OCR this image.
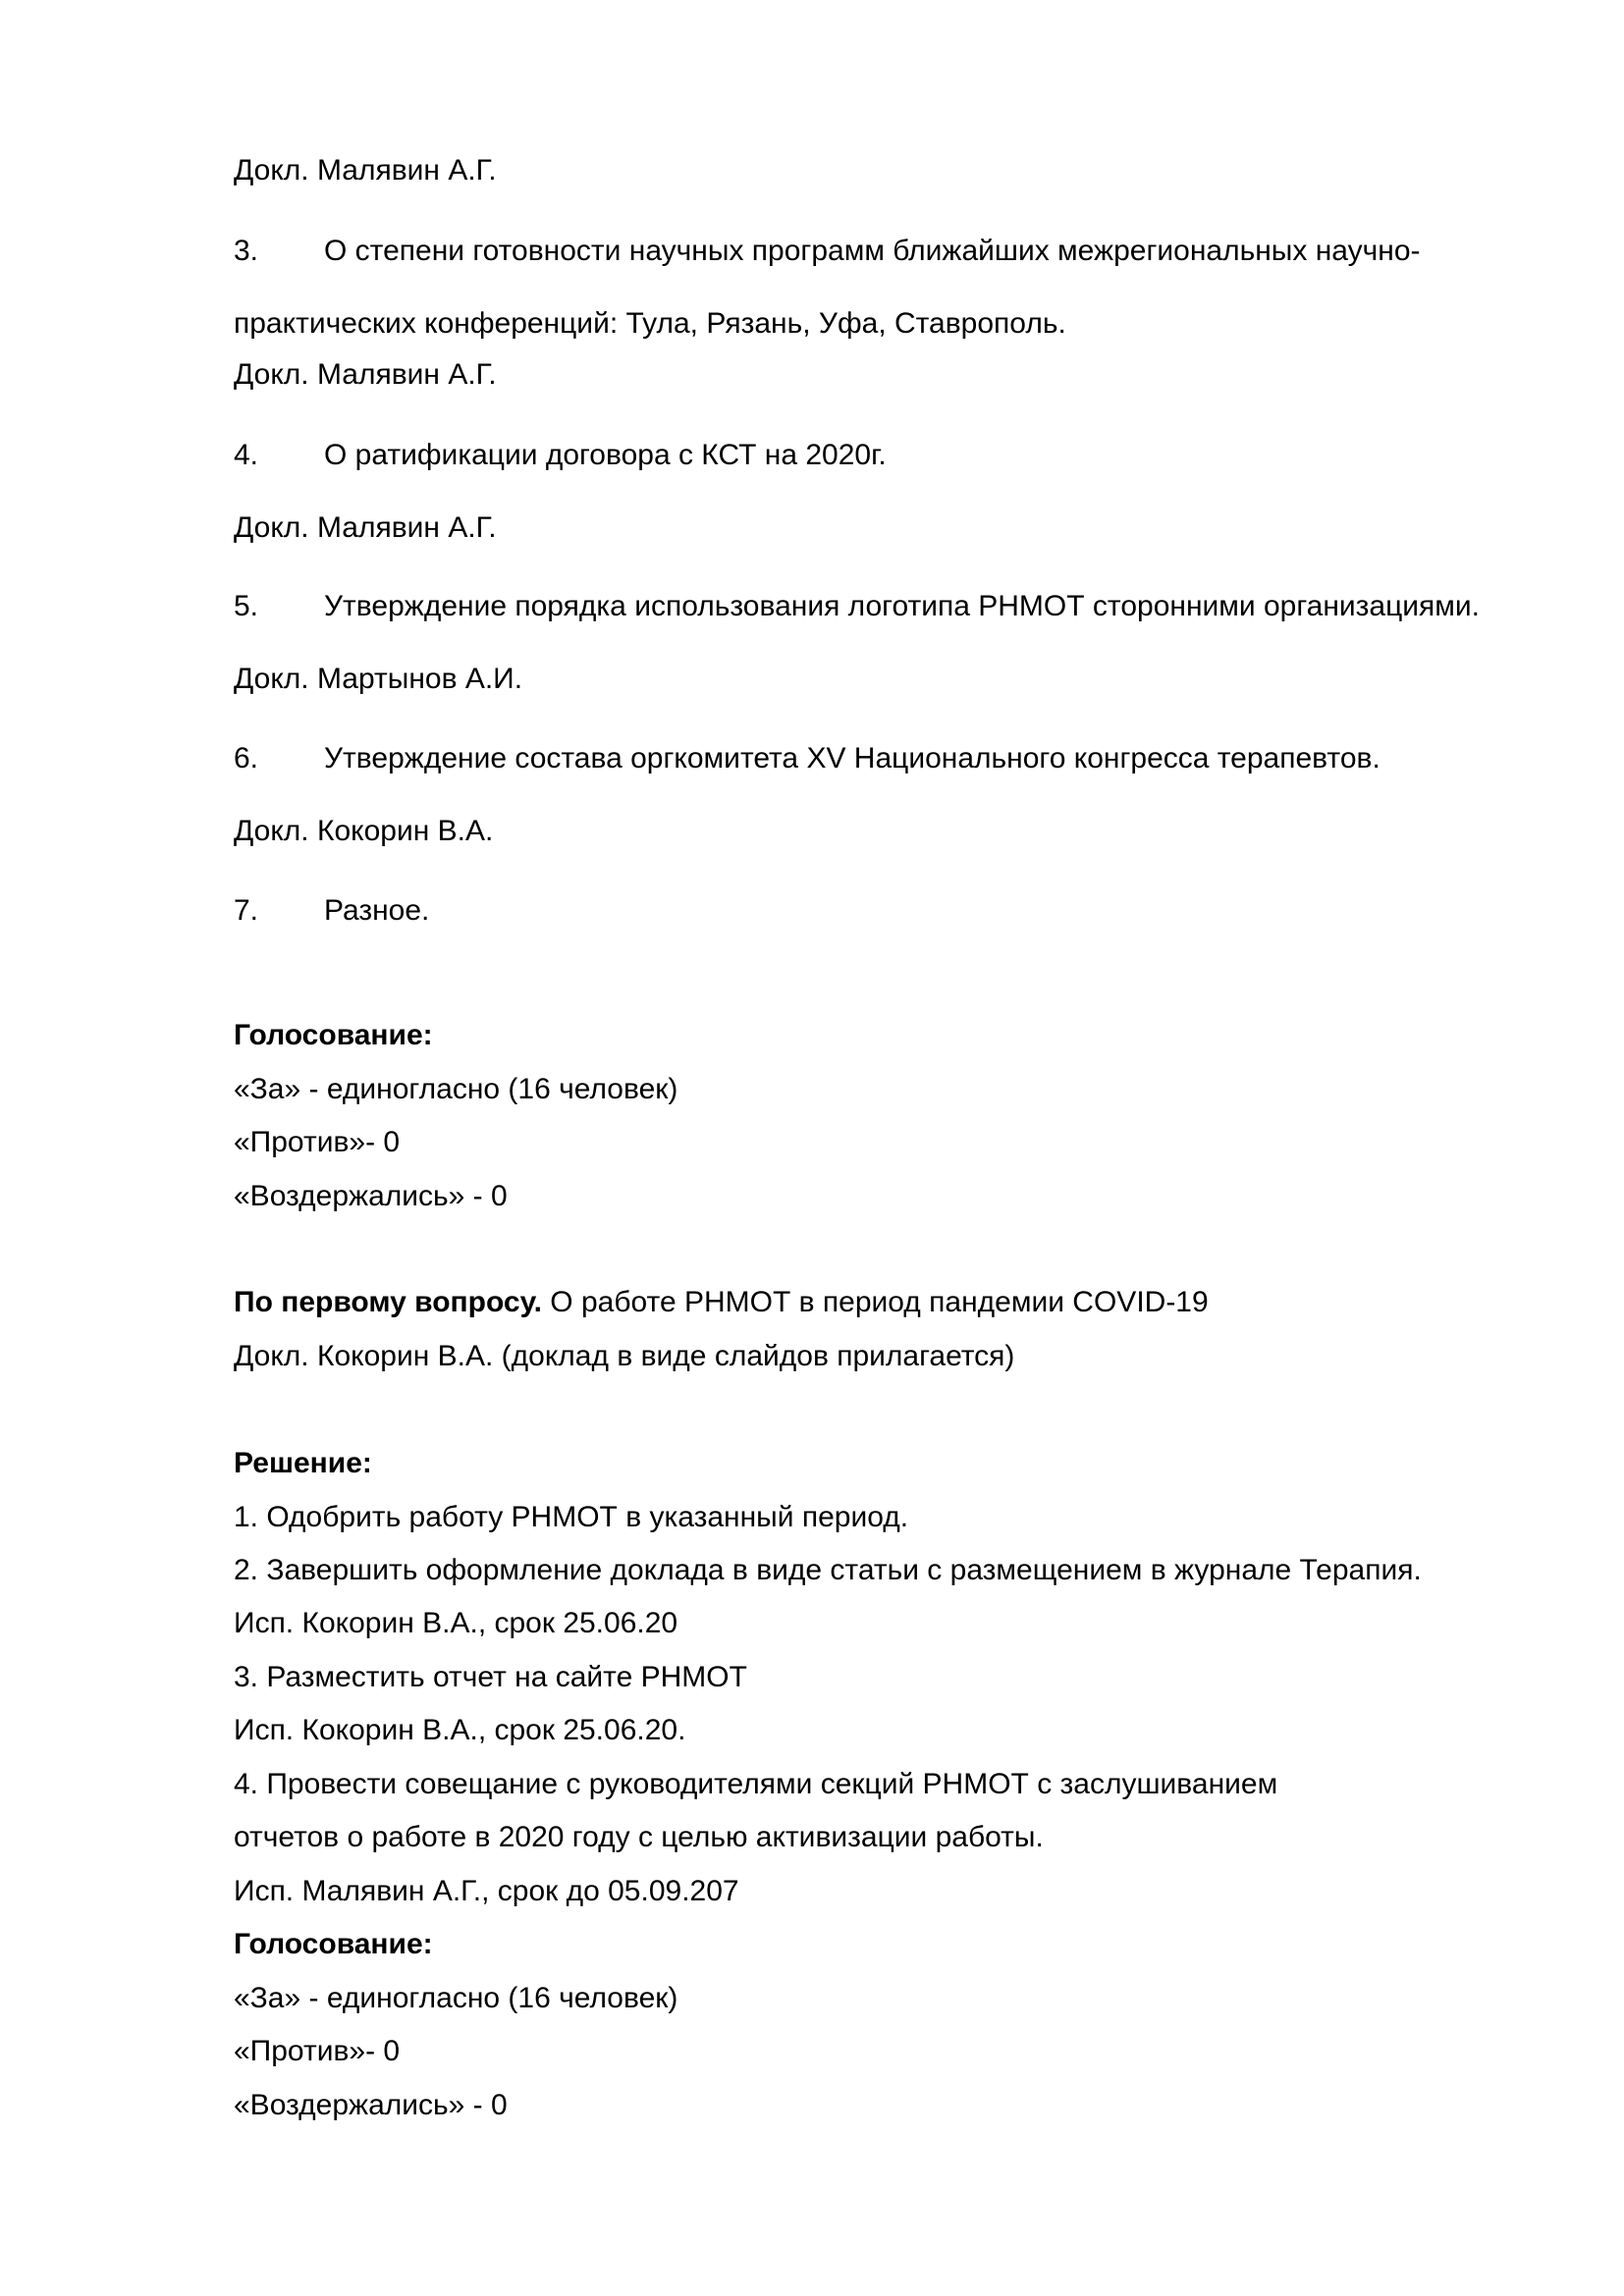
Докл. Малявин А.Г.
3. О степени готовности научных программ ближайших межрегиональных научно-
практических конференций: Тула, Рязань, Уфа, Ставрополь.
Докл. Малявин А.Г.
4. О ратификации договора с КСТ на 2020г.
Докл. Малявин А.Г.
5. Утверждение порядка использования логотипа РНМОТ сторонними организациями.
Докл. Мартынов А.И.
6. Утверждение состава оргкомитета XV Национального конгресса терапевтов.
Докл. Кокорин В.А.
7. Разное.
Голосование:
«За» - единогласно (16 человек)
«Против»- 0
«Воздержались» - 0
По первому вопросу. О работе РНМОТ в период пандемии COVID-19
Докл. Кокорин В.А. (доклад в виде слайдов прилагается)
Решение:
1. Одобрить работу РНМОТ в указанный период.
2. Завершить оформление доклада в виде статьи с размещением в журнале Терапия.
Исп. Кокорин В.А., срок 25.06.20
3. Разместить отчет на сайте РНМОТ
Исп. Кокорин В.А., срок 25.06.20.
4. Провести совещание с руководителями секций РНМОТ с заслушиванием
отчетов о работе в 2020 году с целью активизации работы.
Исп. Малявин А.Г., срок до 05.09.207
Голосование:
«За» - единогласно (16 человек)
«Против»- 0
«Воздержались» - 0
